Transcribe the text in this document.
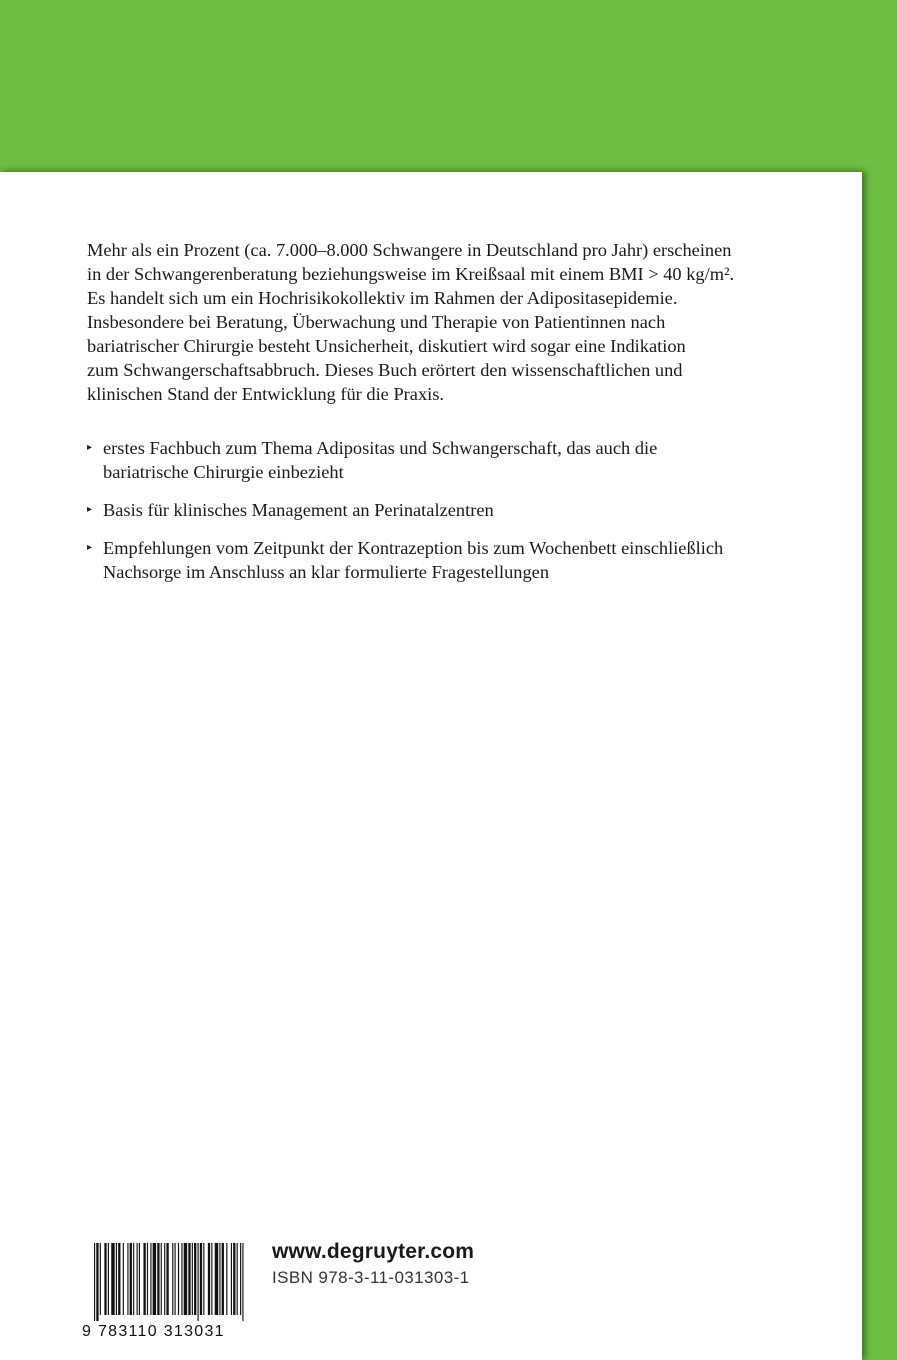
Mehr als ein Prozent (ca. 7.000–8.000 Schwangere in Deutschland pro Jahr) erscheinen
in der Schwangerenberatung beziehungsweise im Kreißsaal mit einem BMI > 40 kg/m².
Es handelt sich um ein Hochrisikokollektiv im Rahmen der Adipositasepidemie.
Insbesondere bei Beratung, Überwachung und Therapie von Patientinnen nach
bariatrischer Chirurgie besteht Unsicherheit, diskutiert wird sogar eine Indikation
zum Schwangerschaftsabbruch. Dieses Buch erörtert den wissenschaftlichen und
klinischen Stand der Entwicklung für die Praxis.
▸ erstes Fachbuch zum Thema Adipositas und Schwangerschaft, das auch die
bariatrische Chirurgie einbezieht
▸ Basis für klinisches Management an Perinatalzentren
▸ Empfehlungen vom Zeitpunkt der Kontrazeption bis zum Wochenbett einschließlich
Nachsorge im Anschluss an klar formulierte Fragestellungen
9 783110 313031
www.degruyter.com
ISBN 978-3-11-031303-1
